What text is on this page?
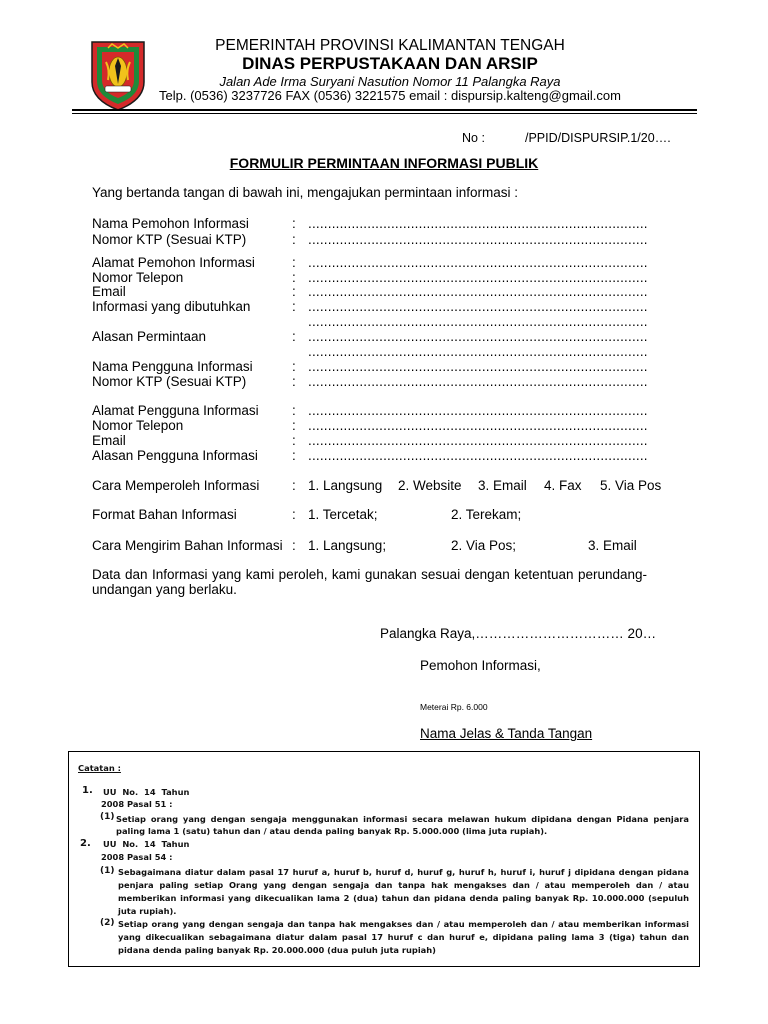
PEMERINTAH PROVINSI KALIMANTAN TENGAH
DINAS PERPUSTAKAAN DAN ARSIP
Jalan Ade Irma Suryani Nasution Nomor 11 Palangka Raya
Telp. (0536) 3237726 FAX (0536) 3221575 email : dispursip.kalteng@gmail.com
No :	/PPID/DISPURSIP.1/20….
FORMULIR PERMINTAAN INFORMASI PUBLIK
Yang bertanda tangan di bawah ini, mengajukan permintaan informasi :
Nama Pemohon Informasi	: ......................................................................................
Nomor KTP (Sesuai KTP)	: ......................................................................................
Alamat Pemohon Informasi	: ......................................................................................
Nomor Telepon	: ......................................................................................
Email	: ......................................................................................
Informasi yang dibutuhkan	: ......................................................................................
......................................................................................
Alasan Permintaan	: ......................................................................................
......................................................................................
Nama Pengguna Informasi	: ......................................................................................
Nomor KTP (Sesuai KTP)	: ......................................................................................
Alamat Pengguna Informasi : ......................................................................................
Nomor Telepon	: ......................................................................................
Email	: ......................................................................................
Alasan Pengguna Informasi	: ......................................................................................
Cara Memperoleh Informasi : 1. Langsung 2. Website 3. Email 4. Fax 5. Via Pos
Format Bahan Informasi	: 1. Tercetak;	2. Terekam;
Cara Mengirim Bahan Informasi : 1. Langsung;	2. Via Pos;	3. Email
Data dan Informasi yang kami peroleh, kami gunakan sesuai dengan ketentuan perundang-undangan yang berlaku.
Palangka Raya,…………………………… 20…
Pemohon Informasi,
Meterai Rp. 6.000
Nama Jelas & Tanda Tangan
Catatan :
1. UU No. 14 Tahun
2008 Pasal 51 :
(1) Setiap orang yang dengan sengaja menggunakan informasi secara melawan hukum dipidana dengan Pidana penjara paling lama 1 (satu) tahun dan / atau denda paling banyak Rp. 5.000.000 (lima juta rupiah).
2. UU No. 14 Tahun
2008 Pasal 54 :
(1) Sebagaimana diatur dalam pasal 17 huruf a, huruf b, huruf d, huruf g, huruf h, huruf i, huruf j dipidana dengan pidana penjara paling setiap Orang yang dengan sengaja dan tanpa hak mengakses dan / atau memperoleh dan / atau memberikan informasi yang dikecualikan lama 2 (dua) tahun dan pidana denda paling banyak Rp. 10.000.000 (sepuluh juta rupiah).
(2) Setiap orang yang dengan sengaja dan tanpa hak mengakses dan / atau memperoleh dan / atau memberikan informasi yang dikecualikan sebagaimana diatur dalam pasal 17 huruf c dan huruf e, dipidana paling lama 3 (tiga) tahun dan pidana denda paling banyak Rp. 20.000.000 (dua puluh juta rupiah)
